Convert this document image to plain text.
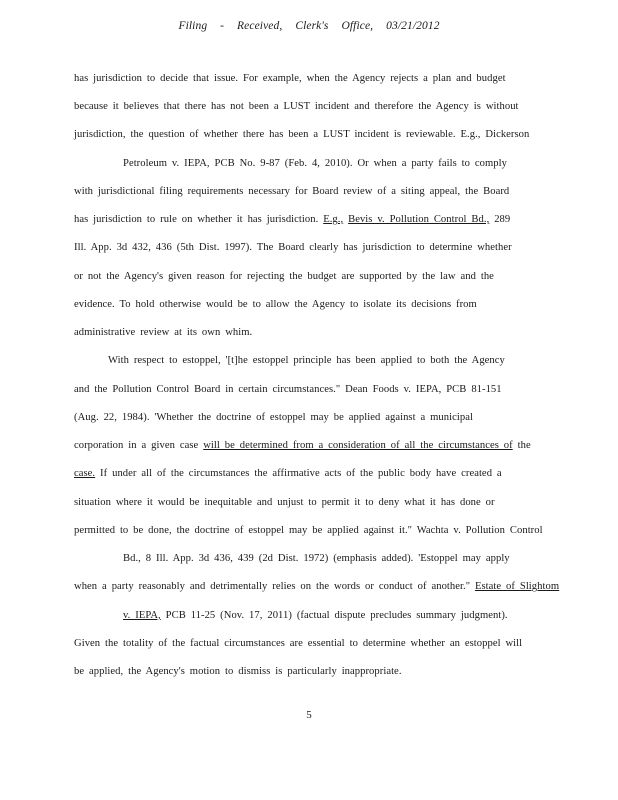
Filing - Received, Clerk's Office, 03/21/2012
has jurisdiction to decide that issue. For example, when the Agency rejects a plan and budget
because it believes that there has not been a LUST incident and therefore the Agency is without
jurisdiction, the question of whether there has been a LUST incident is reviewable. E.g., Dickerson
Petroleum v. IEPA, PCB No. 9-87 (Feb. 4, 2010). Or when a party fails to comply
with jurisdictional filing requirements necessary for Board review of a siting appeal, the Board
has jurisdiction to rule on whether it has jurisdiction. E.g., Bevis v. Pollution Control Bd., 289
Ill. App. 3d 432, 436 (5th Dist. 1997). The Board clearly has jurisdiction to determine whether
or not the Agency's given reason for rejecting the budget are supported by the law and the
evidence. To hold otherwise would be to allow the Agency to isolate its decisions from
administrative review at its own whim.
With respect to estoppel, '[t]he estoppel principle has been applied to both the Agency
and the Pollution Control Board in certain circumstances." Dean Foods v. IEPA, PCB 81-151
(Aug. 22, 1984). 'Whether the doctrine of estoppel may be applied against a municipal
corporation in a given case will be determined from a consideration of all the circumstances of the
case. If under all of the circumstances the affirmative acts of the public body have created a
situation where it would be inequitable and unjust to permit it to deny what it has done or
permitted to be done, the doctrine of estoppel may be applied against it." Wachta v. Pollution Control
Bd., 8 Ill. App. 3d 436, 439 (2d Dist. 1972) (emphasis added). 'Estoppel may apply
when a party reasonably and detrimentally relies on the words or conduct of another." Estate of Slightom
v. IEPA, PCB 11-25 (Nov. 17, 2011) (factual dispute precludes summary judgment).
Given the totality of the factual circumstances are essential to determine whether an estoppel will
be applied, the Agency's motion to dismiss is particularly inappropriate.
5
